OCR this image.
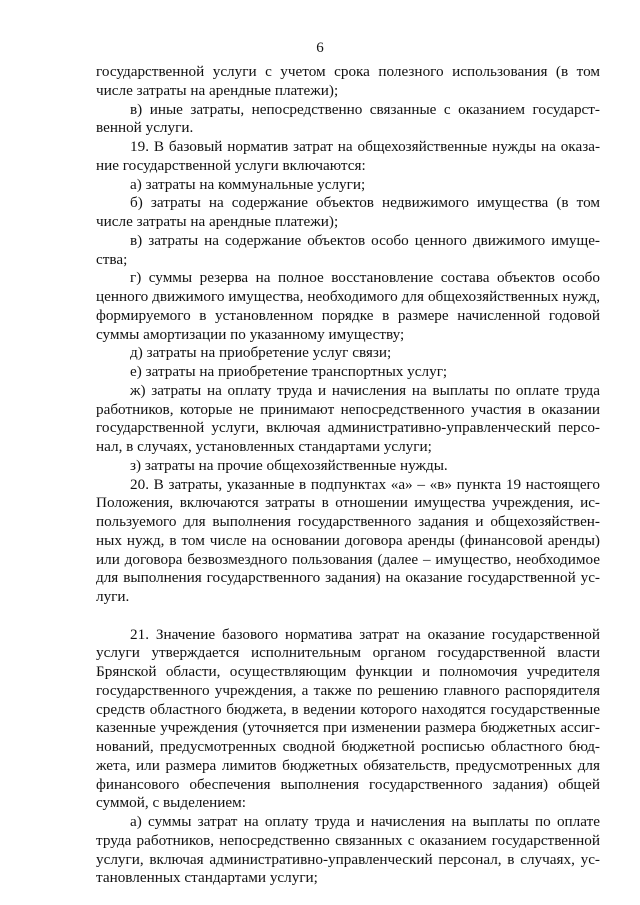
6
государственной услуги с учетом срока полезного использования (в том
числе затраты на арендные платежи);
в) иные затраты, непосредственно связанные с оказанием государст-
венной услуги.
19. В базовый норматив затрат на общехозяйственные нужды на оказа-
ние государственной услуги включаются:
а) затраты на коммунальные услуги;
б) затраты на содержание объектов недвижимого имущества (в том
числе затраты на арендные платежи);
в) затраты на содержание объектов особо ценного движимого имуще-
ства;
г) суммы резерва на полное восстановление состава объектов особо
ценного движимого имущества, необходимого для общехозяйственных нужд,
формируемого в установленном порядке в размере начисленной годовой
суммы амортизации по указанному имуществу;
д) затраты на приобретение услуг связи;
е) затраты на приобретение транспортных услуг;
ж) затраты на оплату труда и начисления на выплаты по оплате труда
работников, которые не принимают непосредственного участия в оказании
государственной услуги, включая административно-управленческий персо-
нал, в случаях, установленных стандартами услуги;
з) затраты на прочие общехозяйственные нужды.
20. В затраты, указанные в подпунктах «а» – «в» пункта 19 настоящего
Положения, включаются затраты в отношении имущества учреждения, ис-
пользуемого для выполнения государственного задания и общехозяйствен-
ных нужд, в том числе на основании договора аренды (финансовой аренды)
или договора безвозмездного пользования (далее – имущество, необходимое
для выполнения государственного задания) на оказание государственной ус-
луги.
21. Значение базового норматива затрат на оказание государственной
услуги утверждается исполнительным органом государственной власти
Брянской области, осуществляющим функции и полномочия учредителя
государственного учреждения, а также по решению главного распорядителя
средств областного бюджета, в ведении которого находятся государственные
казенные учреждения (уточняется при изменении размера бюджетных ассиг-
нований, предусмотренных сводной бюджетной росписью областного бюд-
жета, или размера лимитов бюджетных обязательств, предусмотренных для
финансового обеспечения выполнения государственного задания) общей
суммой, с выделением:
а) суммы затрат на оплату труда и начисления на выплаты по оплате
труда работников, непосредственно связанных с оказанием государственной
услуги, включая административно-управленческий персонал, в случаях, ус-
тановленных стандартами услуги;
